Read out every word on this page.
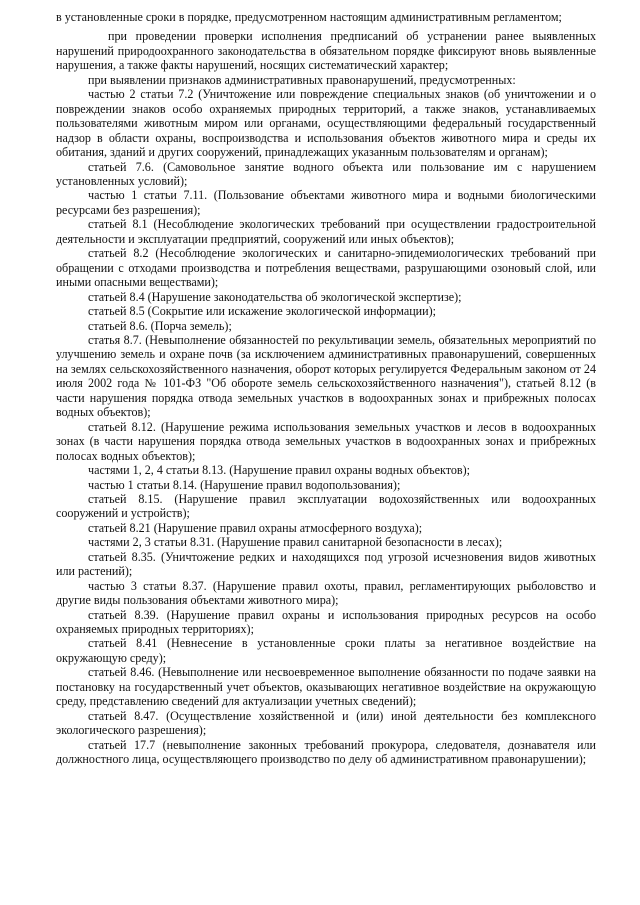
в установленные сроки в порядке, предусмотренном настоящим административным регламентом;

при проведении проверки исполнения предписаний об устранении ранее выявленных нарушений природоохранного законодательства в обязательном порядке фиксируют вновь выявленные нарушения, а также факты нарушений, носящих систематический характер;

при выявлении признаков административных правонарушений, предусмотренных:

частью 2 статьи 7.2 (Уничтожение или повреждение специальных знаков (об уничтожении и о повреждении знаков особо охраняемых природных территорий, а также знаков, устанавливаемых пользователями животным миром или органами, осуществляющими федеральный государственный надзор в области охраны, воспроизводства и использования объектов животного мира и среды их обитания, зданий и других сооружений, принадлежащих указанным пользователям и органам);

статьей 7.6. (Самовольное занятие водного объекта или пользование им с нарушением установленных условий);

частью 1 статьи 7.11. (Пользование объектами животного мира и водными биологическими ресурсами без разрешения);

статьей 8.1 (Несоблюдение экологических требований при осуществлении градостроительной деятельности и эксплуатации предприятий, сооружений или иных объектов);

статьей 8.2 (Несоблюдение экологических и санитарно-эпидемиологических требований при обращении с отходами производства и потребления веществами, разрушающими озоновый слой, или иными опасными веществами);

статьей 8.4 (Нарушение законодательства об экологической экспертизе);

статьей 8.5 (Сокрытие или искажение экологической информации);

статьей 8.6. (Порча земель);

статья 8.7. (Невыполнение обязанностей по рекультивации земель, обязательных мероприятий по улучшению земель и охране почв (за исключением административных правонарушений, совершенных на землях сельскохозяйственного назначения, оборот которых регулируется Федеральным законом от 24 июля 2002 года № 101-ФЗ "Об обороте земель сельскохозяйственного назначения"), статьей 8.12 (в части нарушения порядка отвода земельных участков в водоохранных зонах и прибрежных полосах водных объектов);

статьей 8.12. (Нарушение режима использования земельных участков и лесов в водоохранных зонах (в части нарушения порядка отвода земельных участков в водоохранных зонах и прибрежных полосах водных объектов);

частями 1, 2, 4 статьи 8.13. (Нарушение правил охраны водных объектов);

частью 1 статьи 8.14. (Нарушение правил водопользования);

статьей 8.15. (Нарушение правил эксплуатации водохозяйственных или водоохранных сооружений и устройств);

статьей 8.21 (Нарушение правил охраны атмосферного воздуха);

частями 2, 3 статьи 8.31. (Нарушение правил санитарной безопасности в лесах);

статьей 8.35. (Уничтожение редких и находящихся под угрозой исчезновения видов животных или растений);

частью 3 статьи 8.37. (Нарушение правил охоты, правил, регламентирующих рыболовство и другие виды пользования объектами животного мира);

статьей 8.39. (Нарушение правил охраны и использования природных ресурсов на особо охраняемых природных территориях);

статьей 8.41 (Невнесение в установленные сроки платы за негативное воздействие на окружающую среду);

статьей 8.46. (Невыполнение или несвоевременное выполнение обязанности по подаче заявки на постановку на государственный учет объектов, оказывающих негативное воздействие на окружающую среду, представлению сведений для актуализации учетных сведений);

статьей 8.47. (Осуществление хозяйственной и (или) иной деятельности без комплексного экологического разрешения);

статьей 17.7 (невыполнение законных требований прокурора, следователя, дознавателя или должностного лица, осуществляющего производство по делу об административном правонарушении);
